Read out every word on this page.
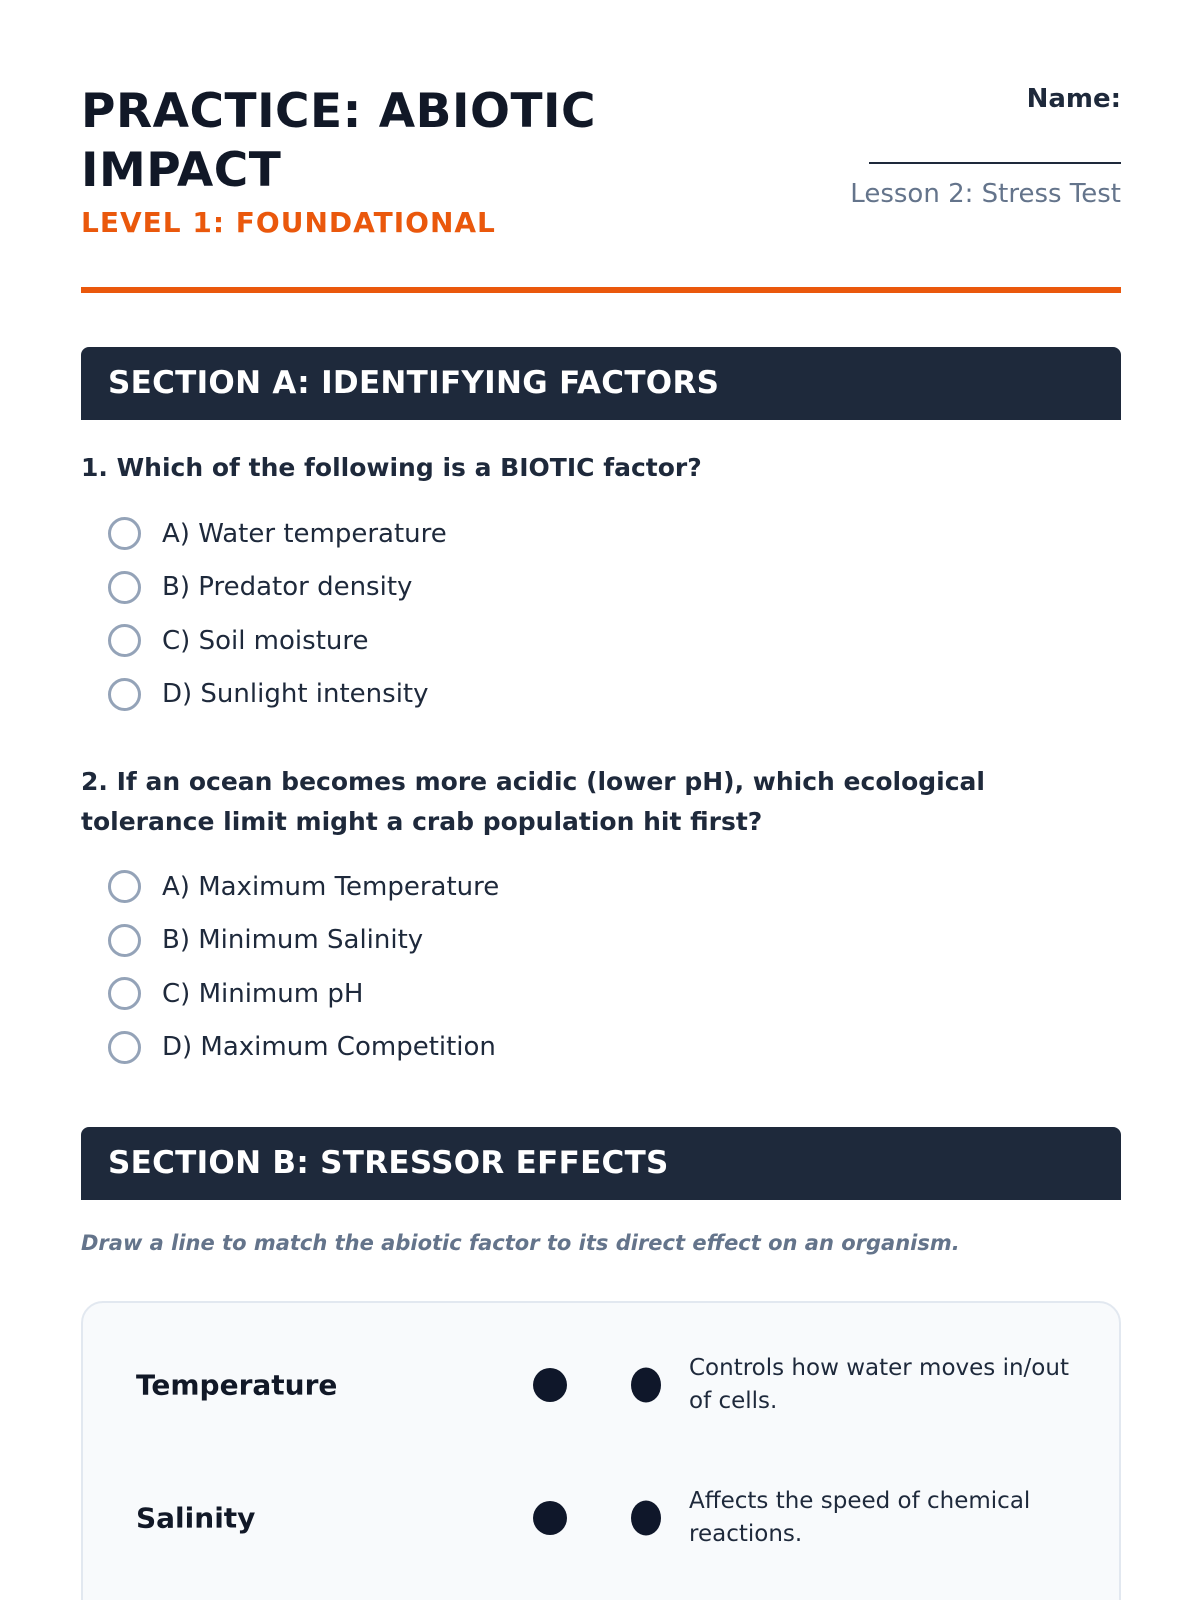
PRACTICE: ABIOTIC IMPACT
LEVEL 1: FOUNDATIONAL
Name:
Lesson 2: Stress Test
SECTION A: IDENTIFYING FACTORS
1. Which of the following is a BIOTIC factor?
A) Water temperature
B) Predator density
C) Soil moisture
D) Sunlight intensity
2. If an ocean becomes more acidic (lower pH), which ecological tolerance limit might a crab population hit first?
A) Maximum Temperature
B) Minimum Salinity
C) Minimum pH
D) Maximum Competition
SECTION B: STRESSOR EFFECTS
Draw a line to match the abiotic factor to its direct effect on an organism.
Temperature
Controls how water moves in/out of cells.
Salinity
Affects the speed of chemical reactions.
